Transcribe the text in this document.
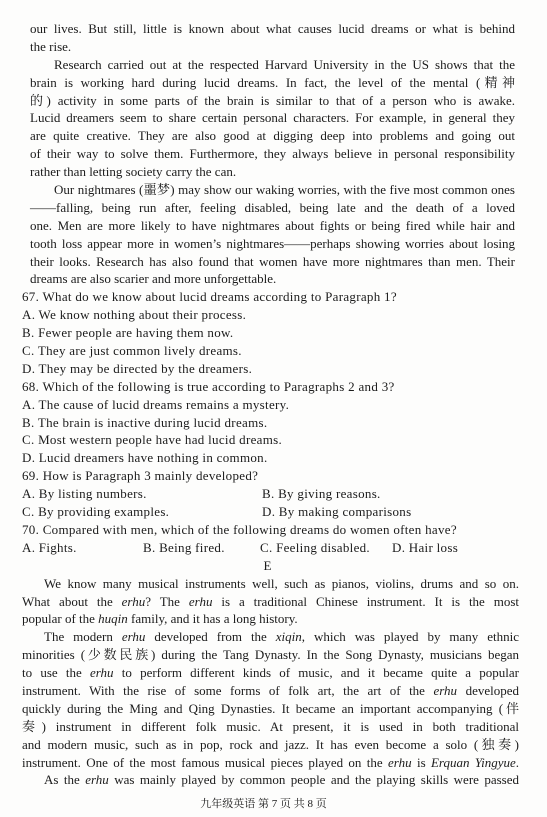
our lives. But still, little is known about what causes lucid dreams or what is behind
the rise.
Research carried out at the respected Harvard University in the US shows that the
brain is working hard during lucid dreams. In fact, the level of the mental (精神
的) activity in some parts of the brain is similar to that of a person who is awake.
Lucid dreamers seem to share certain personal characters. For example, in general they
are quite creative. They are also good at digging deep into problems and going out
of their way to solve them. Furthermore, they always believe in personal responsibility
rather than letting society carry the can.
Our nightmares (噩梦) may show our waking worries, with the five most common ones
——falling, being run after, feeling disabled, being late and the death of a loved
one. Men are more likely to have nightmares about fights or being fired while hair and
tooth loss appear more in women’s nightmares——perhaps showing worries about losing
their looks. Research has also found that women have more nightmares than men. Their
dreams are also scarier and more unforgettable.
67. What do we know about lucid dreams according to Paragraph 1?
A. We know nothing about their process.
B. Fewer people are having them now.
C. They are just common lively dreams.
D. They may be directed by the dreamers.
68. Which of the following is true according to Paragraphs 2 and 3?
A. The cause of lucid dreams remains a mystery.
B. The brain is inactive during lucid dreams.
C. Most western people have had lucid dreams.
D. Lucid dreamers have nothing in common.
69. How is Paragraph 3 mainly developed?
A. By listing numbers.	B. By giving reasons.
C. By providing examples.	D. By making comparisons
70. Compared with men, which of the following dreams do women often have?
A. Fights.	B. Being fired.	C. Feeling disabled. D. Hair loss
E
We know many musical instruments well, such as pianos, violins, drums and so on.
What about the erhu? The erhu is a traditional Chinese instrument. It is the most
popular of the huqin family, and it has a long history.
The modern erhu developed from the xiqin, which was played by many ethnic
minorities (少数民族) during the Tang Dynasty. In the Song Dynasty, musicians began
to use the erhu to perform different kinds of music, and it became quite a popular
instrument. With the rise of some forms of folk art, the art of the erhu developed
quickly during the Ming and Qing Dynasties. It became an important accompanying (伴
奏) instrument in different folk music. At present, it is used in both traditional
and modern music, such as in pop, rock and jazz. It has even become a solo (独奏)
instrument. One of the most famous musical pieces played on the erhu is Erquan Yingyue.
As the erhu was mainly played by common people and the playing skills were passed
九年级英语 第 7 页 共 8 页
